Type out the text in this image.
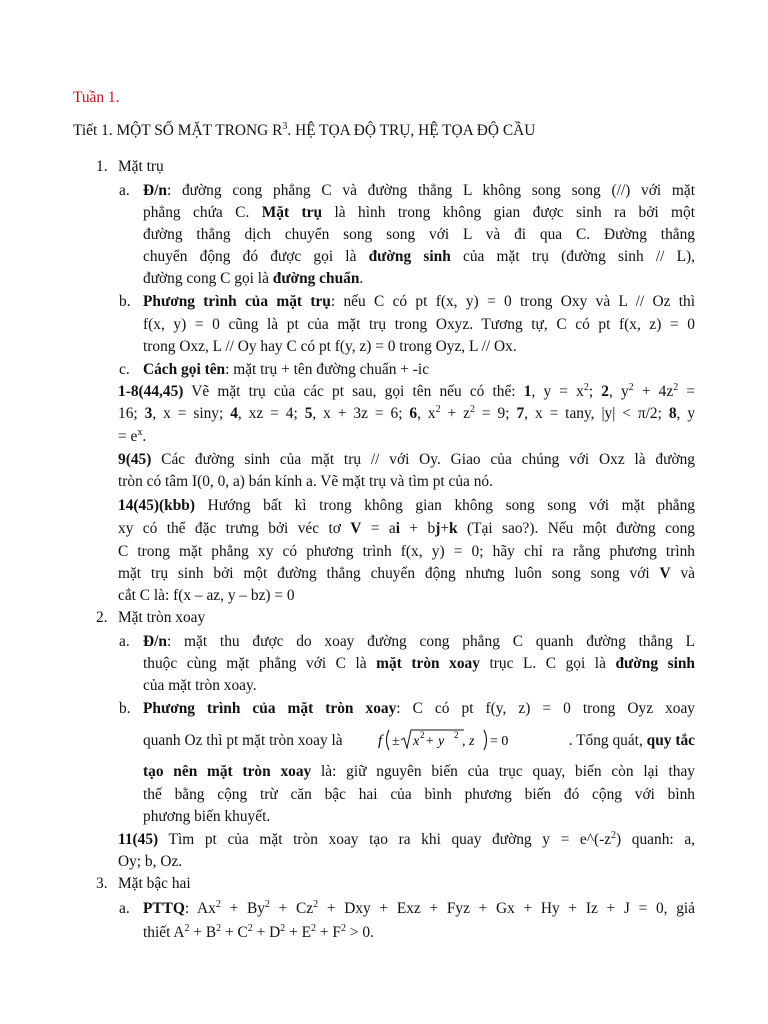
Tuần 1.
Tiết 1. MỘT SỐ MẶT TRONG $R^3$. HỆ TỌA ĐỘ TRỤ, HỆ TỌA ĐỘ CẦU
1. Mặt trụ
a. Đ/n: đường cong phẳng C và đường thẳng L không song song (//) với mặt
phẳng chứa C. Mặt trụ là hình trong không gian được sinh ra bởi một
đường thẳng dịch chuyển song song với L và đi qua C. Đường thẳng
chuyển động đó được gọi là đường sinh của mặt trụ (đường sinh // L),
đường cong C gọi là đường chuẩn.
b. Phương trình của mặt trụ: nếu C có pt f(x, y) = 0 trong Oxy và L // Oz thì
f(x, y) = 0 cũng là pt của mặt trụ trong Oxyz. Tương tự, C có pt f(x, z) = 0
trong Oxz, L // Oy hay C có pt f(y, z) = 0 trong Oyz, L // Ox.
c. Cách gọi tên: mặt trụ + tên đường chuẩn + -ic
1-8(44,45) Vẽ mặt trụ của các pt sau, gọi tên nếu có thể: 1, $y = x^2$; 2, $y^2 + 4z^2$ =
16; 3, x = siny; 4, xz = 4; 5, x + 3z = 6; 6, $x^2 + z^2 = 9$; 7, x = tany, |y| < π/2; 8, y
= $e^x$.
9(45) Các đường sinh của mặt trụ // với Oy. Giao của chúng với Oxz là đường
tròn có tâm I(0, 0, a) bán kính a. Vẽ mặt trụ và tìm pt của nó.
14(45)(kbb) Hướng bất kì trong không gian không song song với mặt phẳng
xy có thể đặc trưng bởi véc tơ V = ai + bj+k (Tại sao?). Nếu một đường cong
C trong mặt phẳng xy có phương trình f(x, y) = 0; hãy chỉ ra rằng phương trình
mặt trụ sinh bởi một đường thẳng chuyển động nhưng luôn song song với V và
cắt C là: f(x – az, y – bz) = 0
2. Mặt tròn xoay
a. Đ/n: mặt thu được do xoay đường cong phẳng C quanh đường thẳng L
thuộc cùng mặt phẳng với C là mặt tròn xoay trục L. C gọi là đường sinh
của mặt tròn xoay.
b. Phương trình của mặt tròn xoay: C có pt f(y, z) = 0 trong Oyz xoay
quanh Oz thì pt mặt tròn xoay là f ± x 2 + y 2 , z = 0	. Tổng quát, quy tắc
tạo nên mặt tròn xoay là: giữ nguyên biến của trục quay, biến còn lại thay
thế bằng cộng trừ căn bậc hai của bình phương biến đó cộng với bình
phương biến khuyết.
11(45) Tìm pt của mặt tròn xoay tạo ra khi quay đường $y = e\^{}(-z^2)$ quanh: a,
Oy; b, Oz.
3. Mặt bậc hai
a. PTTQ: $Ax^2 + By^2 + Cz^2$ + Dxy + Exz + Fyz + Gx + Hy + Iz + J = 0, giả
thiết $A^2 + B^2 + C^2 + D^2 + E^2 + F^2 > 0$.
